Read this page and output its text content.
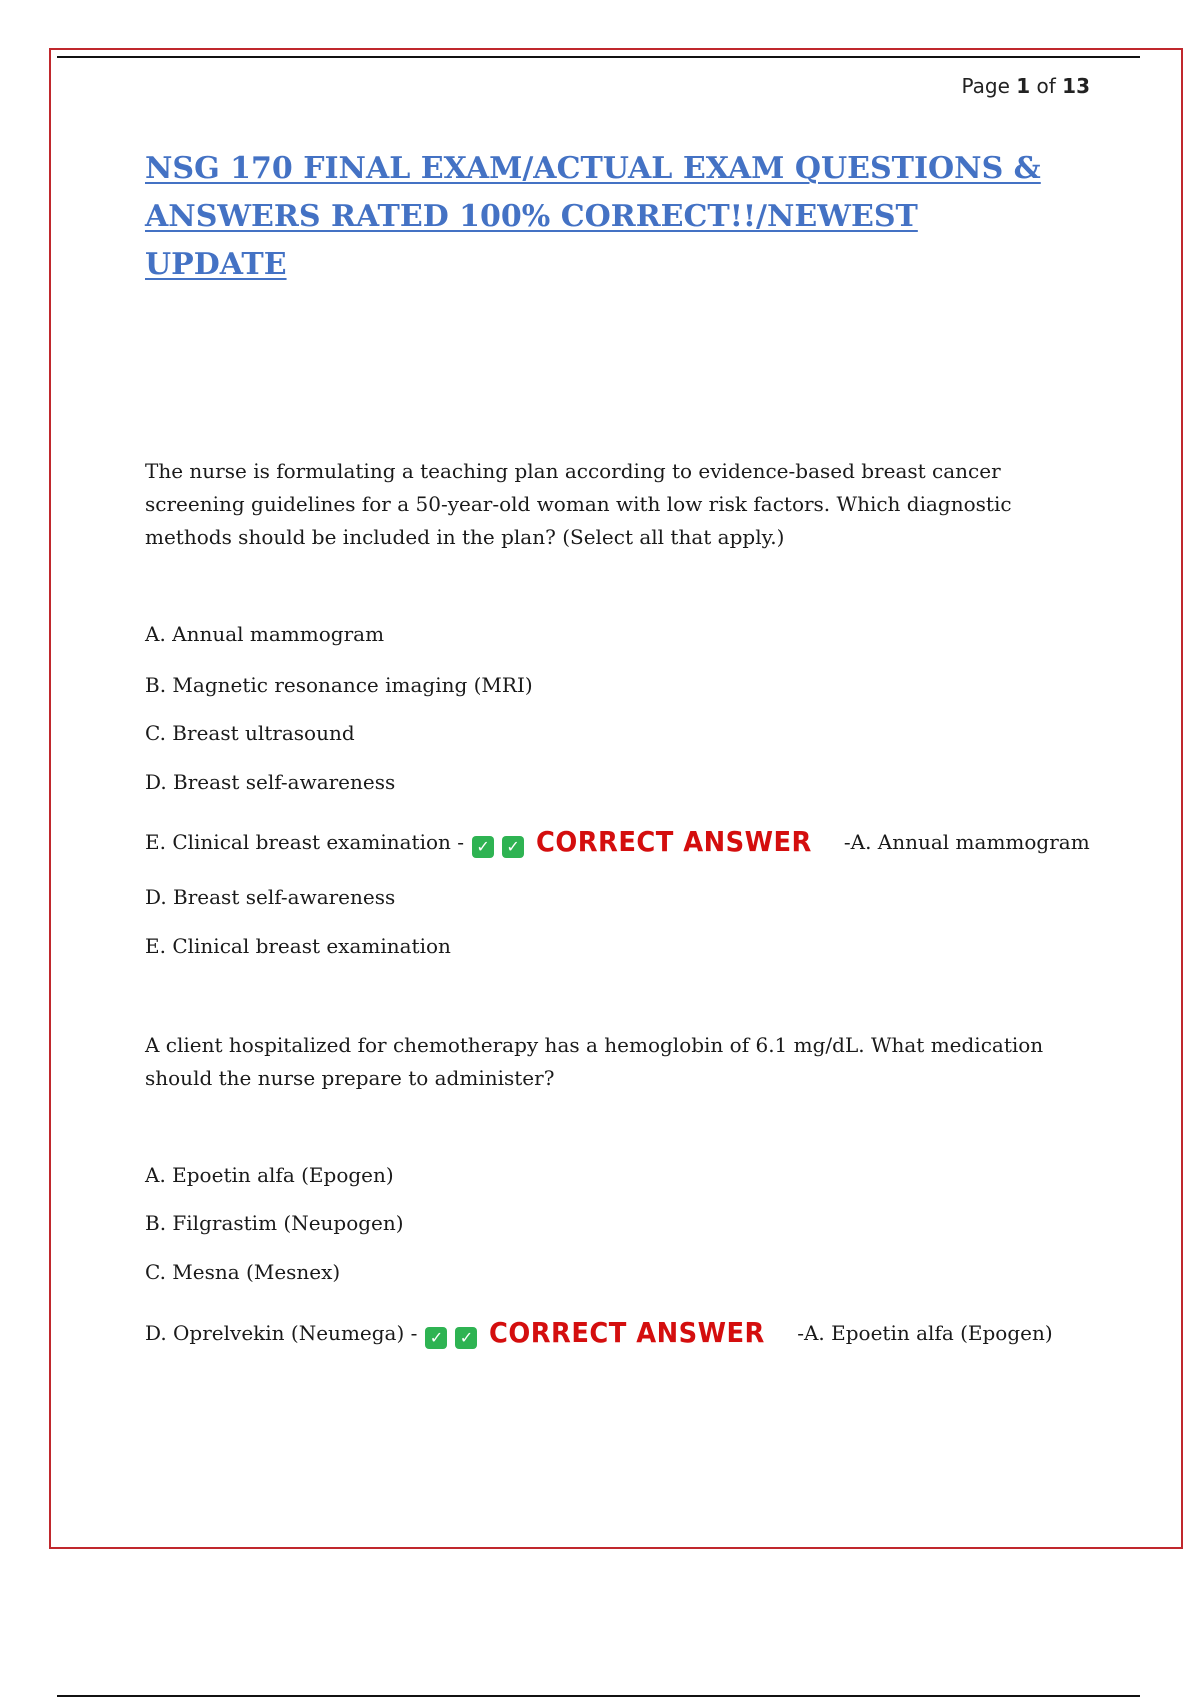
Page 1 of 13
NSG 170 FINAL EXAM/ACTUAL EXAM QUESTIONS & ANSWERS RATED 100% CORRECT!!/NEWEST UPDATE

The nurse is formulating a teaching plan according to evidence-based breast cancer screening guidelines for a 50-year-old woman with low risk factors. Which diagnostic methods should be included in the plan? (Select all that apply.)

A. Annual mammogram

B. Magnetic resonance imaging (MRI)

C. Breast ultrasound

D. Breast self-awareness

E. Clinical breast examination - ✓ ✓ CORRECT ANSWER -A. Annual mammogram

D. Breast self-awareness

E. Clinical breast examination

A client hospitalized for chemotherapy has a hemoglobin of 6.1 mg/dL. What medication should the nurse prepare to administer?

A. Epoetin alfa (Epogen)

B. Filgrastim (Neupogen)

C. Mesna (Mesnex)

D. Oprelvekin (Neumega) - ✓ ✓ CORRECT ANSWER -A. Epoetin alfa (Epogen)
